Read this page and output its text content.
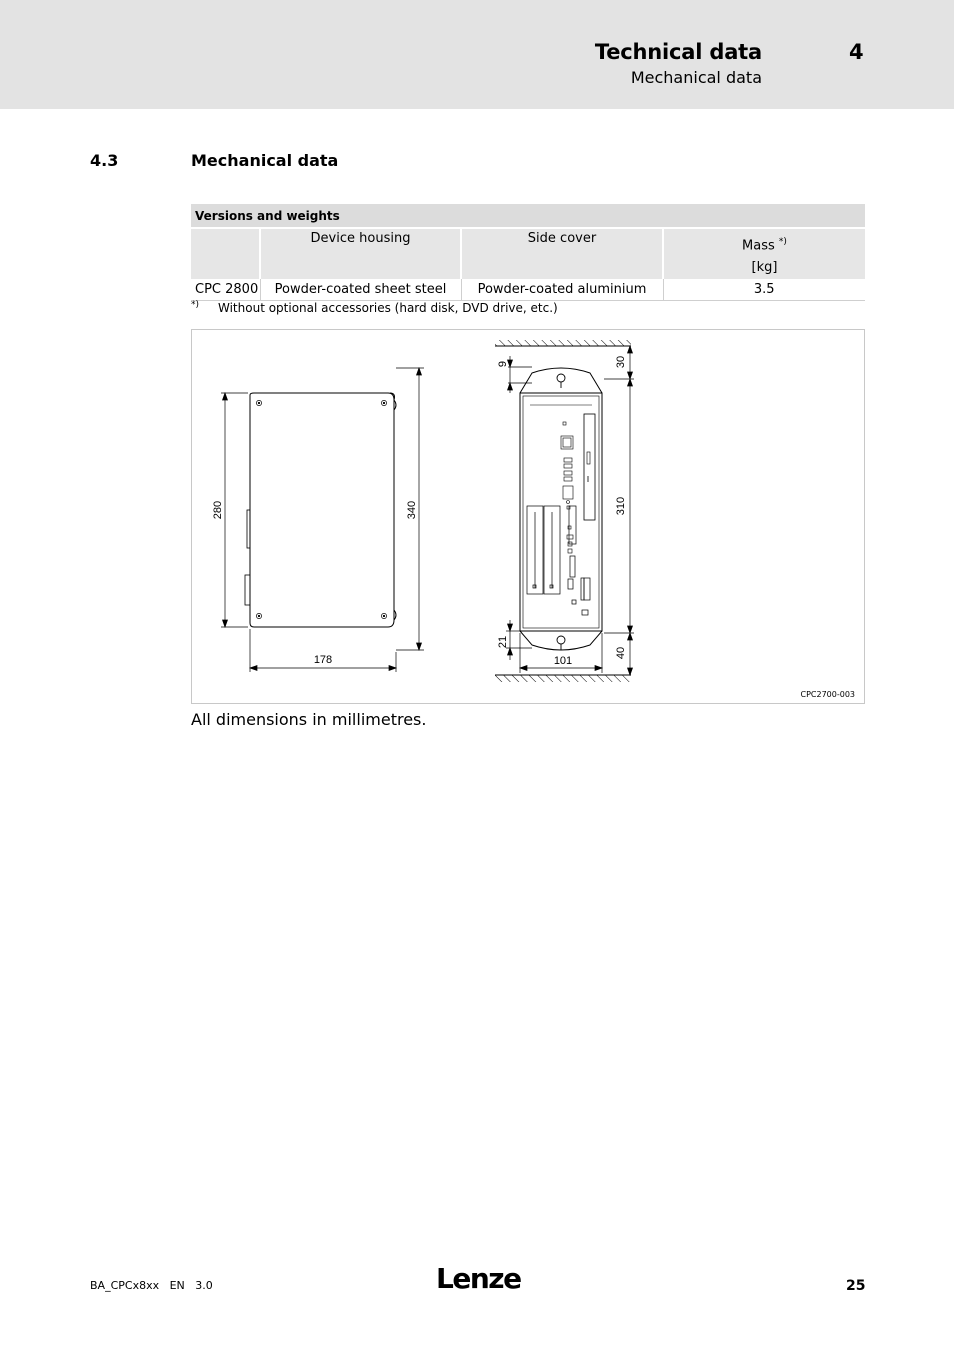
Technical data	4
Mechanical data
4.3	Mechanical data
Versions and weights			
	Device housing	Side cover	Mass *)
[kg]

CPC 2800	Powder-coated sheet steel	Powder-coated aluminium	3.5
*) Without optional accessories (hard disk, DVD drive, etc.)
280	340
178
9	30
310
21
101
40
CPC2700-003
All dimensions in millimetres.
BA_CPCx8xx   EN   3.0	Lenze	25
